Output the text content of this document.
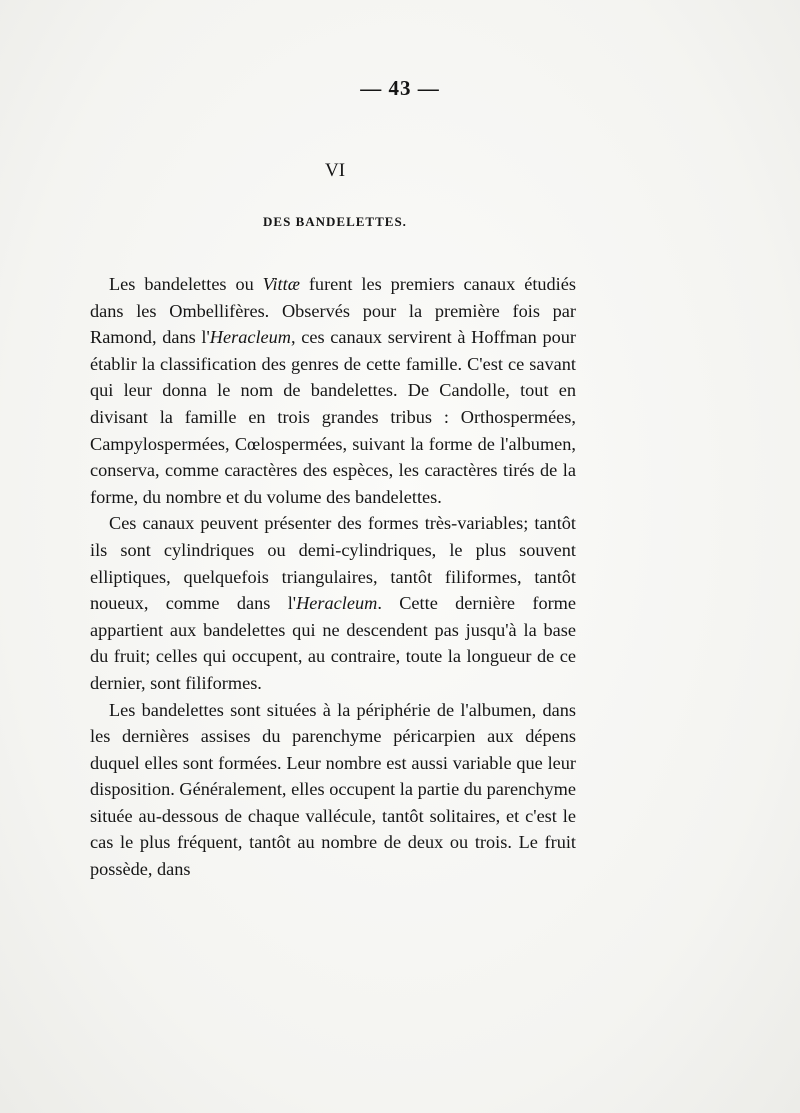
— 43 —
VI
DES BANDELETTES.

Les bandelettes ou Vittæ furent les premiers canaux étudiés dans les Ombellifères. Observés pour la première fois par Ramond, dans l'Heracleum, ces canaux servirent à Hoffman pour établir la classification des genres de cette famille. C'est ce savant qui leur donna le nom de bandelettes. De Candolle, tout en divisant la famille en trois grandes tribus : Orthospermées, Campylospermées, Cœlospermées, suivant la forme de l'albumen, conserva, comme caractères des espèces, les caractères tirés de la forme, du nombre et du volume des bandelettes.

Ces canaux peuvent présenter des formes très-variables; tantôt ils sont cylindriques ou demi-cylindriques, le plus souvent elliptiques, quelquefois triangulaires, tantôt filiformes, tantôt noueux, comme dans l'Heracleum. Cette dernière forme appartient aux bandelettes qui ne descendent pas jusqu'à la base du fruit; celles qui occupent, au contraire, toute la longueur de ce dernier, sont filiformes.

Les bandelettes sont situées à la périphérie de l'albumen, dans les dernières assises du parenchyme péricarpien aux dépens duquel elles sont formées. Leur nombre est aussi variable que leur disposition. Généralement, elles occupent la partie du parenchyme située au-dessous de chaque vallécule, tantôt solitaires, et c'est le cas le plus fréquent, tantôt au nombre de deux ou trois. Le fruit possède, dans
